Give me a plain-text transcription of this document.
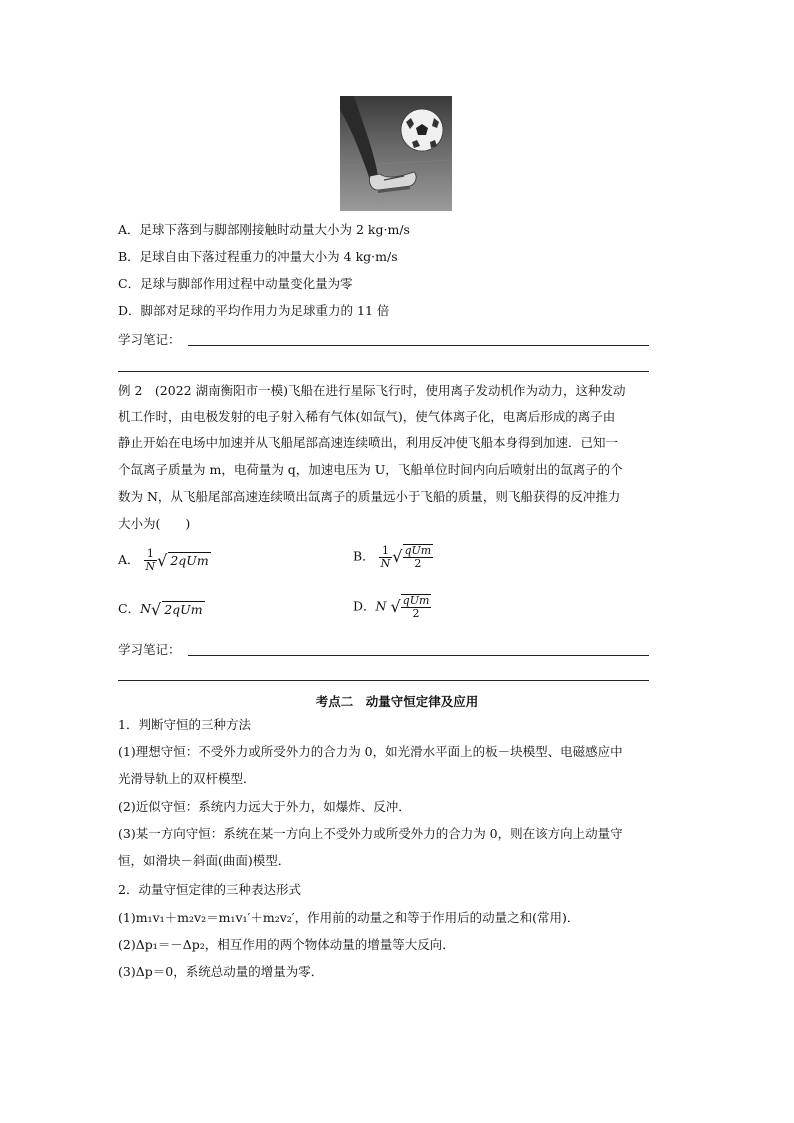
A．足球下落到与脚部刚接触时动量大小为 2 kg·m/s
B．足球自由下落过程重力的冲量大小为 4 kg·m/s
C．足球与脚部作用过程中动量变化量为零
D．脚部对足球的平均作用力为足球重力的 11 倍
学习笔记：
例 2　(2022 湖南衡阳市一模)飞船在进行星际飞行时，使用离子发动机作为动力，这种发动
机工作时，由电极发射的电子射入稀有气体(如氙气)，使气体离子化，电离后形成的离子由
静止开始在电场中加速并从飞船尾部高速连续喷出，利用反冲使飞船本身得到加速．已知一
个氙离子质量为 m，电荷量为 q，加速电压为 U，飞船单位时间内向后喷射出的氙离子的个
数为 N，从飞船尾部高速连续喷出氙离子的质量远小于飞船的质量，则飞船获得的反冲推力
大小为(　　)
A． $\frac{1}{N}$ √ 2qUm	B． $\frac{1}{N}$ √ $\frac{\text{qUm}}{2}$
C．N√ 2qUm	D．N √ $\frac{\text{qUm}}{2}$
学习笔记：
考点二　动量守恒定律及应用
1．判断守恒的三种方法
(1)理想守恒：不受外力或所受外力的合力为 0，如光滑水平面上的板－块模型、电磁感应中
光滑导轨上的双杆模型．
(2)近似守恒：系统内力远大于外力，如爆炸、反冲．
(3)某一方向守恒：系统在某一方向上不受外力或所受外力的合力为 0，则在该方向上动量守
恒，如滑块－斜面(曲面)模型．
2．动量守恒定律的三种表达形式
(1)m₁v₁＋m₂v₂＝m₁v₁′＋m₂v₂′，作用前的动量之和等于作用后的动量之和(常用)．
(2)Δp₁＝－Δp₂，相互作用的两个物体动量的增量等大反向．
(3)Δp＝0，系统总动量的增量为零．
